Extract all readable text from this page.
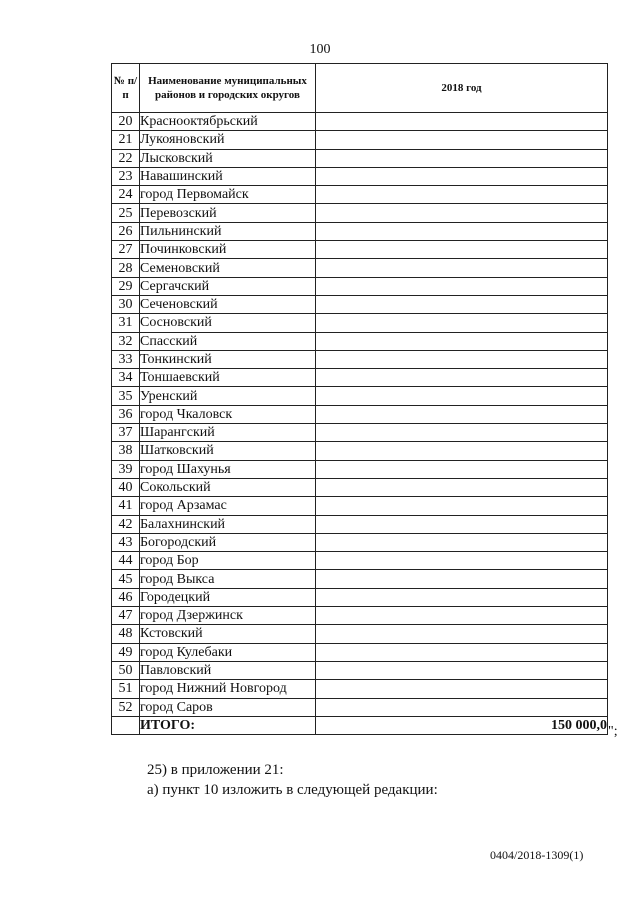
100
№ п/п	Наименование муниципальных районов и городских округов	2018 год
20	Краснооктябрьский	
21	Лукояновский	
22	Лысковский	
23	Навашинский	
24	город Первомайск	
25	Перевозский	
26	Пильнинский	
27	Починковский	
28	Семеновский	
29	Сергачский	
30	Сеченовский	
31	Сосновский	
32	Спасский	
33	Тонкинский	
34	Тоншаевский	
35	Уренский	
36	город Чкаловск	
37	Шарангский	
38	Шатковский	
39	город Шахунья	
40	Сокольский	
41	город Арзамас	
42	Балахнинский	
43	Богородский	
44	город Бор	
45	город Выкса	
46	Городецкий	
47	город Дзержинск	
48	Кстовский	
49	город Кулебаки	
50	Павловский	
51	город Нижний Новгород	
52	город Саров	
	ИТОГО:	150 000,0 ";
25) в приложении 21:
а) пункт 10 изложить в следующей редакции:
0404/2018-1309(1)
